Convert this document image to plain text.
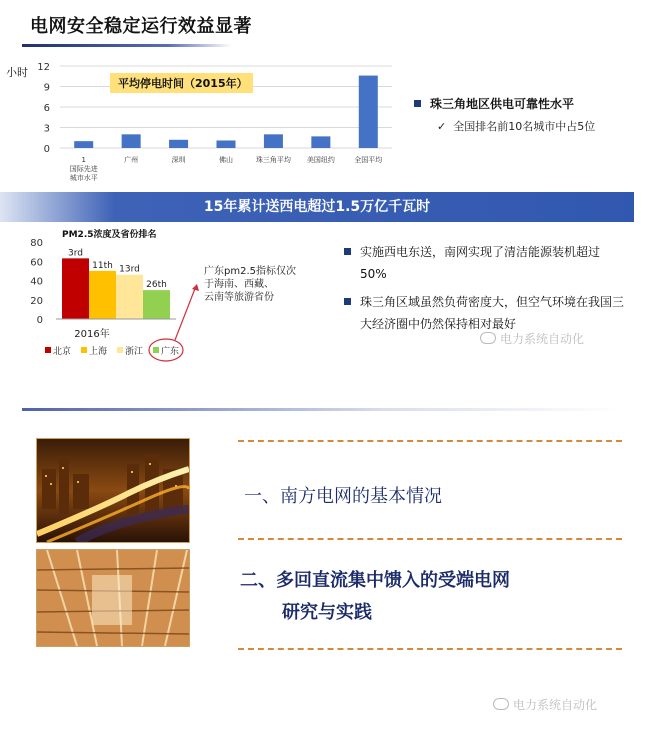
电网安全稳定运行效益显著
0
3
6
9
12
小时
1
国际先进
城市水平
广州	深圳	佛山	珠三角平均 美国纽约	全国平均
平均停电时间（2015年）
珠三角地区供电可靠性水平
✓ 全国排名前10名城市中占5位
15年累计送西电超过1.5万亿千瓦时
PM2.5浓度及省份排名
0
20
40
60
80
3rd
北京
11th
上海
13rd
浙江
26th
广东
2016年
广东pm2.5指标仅次
于海南、西藏、
云南等旅游省份
实施西电东送，南网实现了清洁能源装机超过50%
珠三角区域虽然负荷密度大，但空气环境在我国三大经济圈中仍然保持相对最好
电力系统自动化
一、南方电网的基本情况
二、多回直流集中馈入的受端电网
研究与实践
电力系统自动化
